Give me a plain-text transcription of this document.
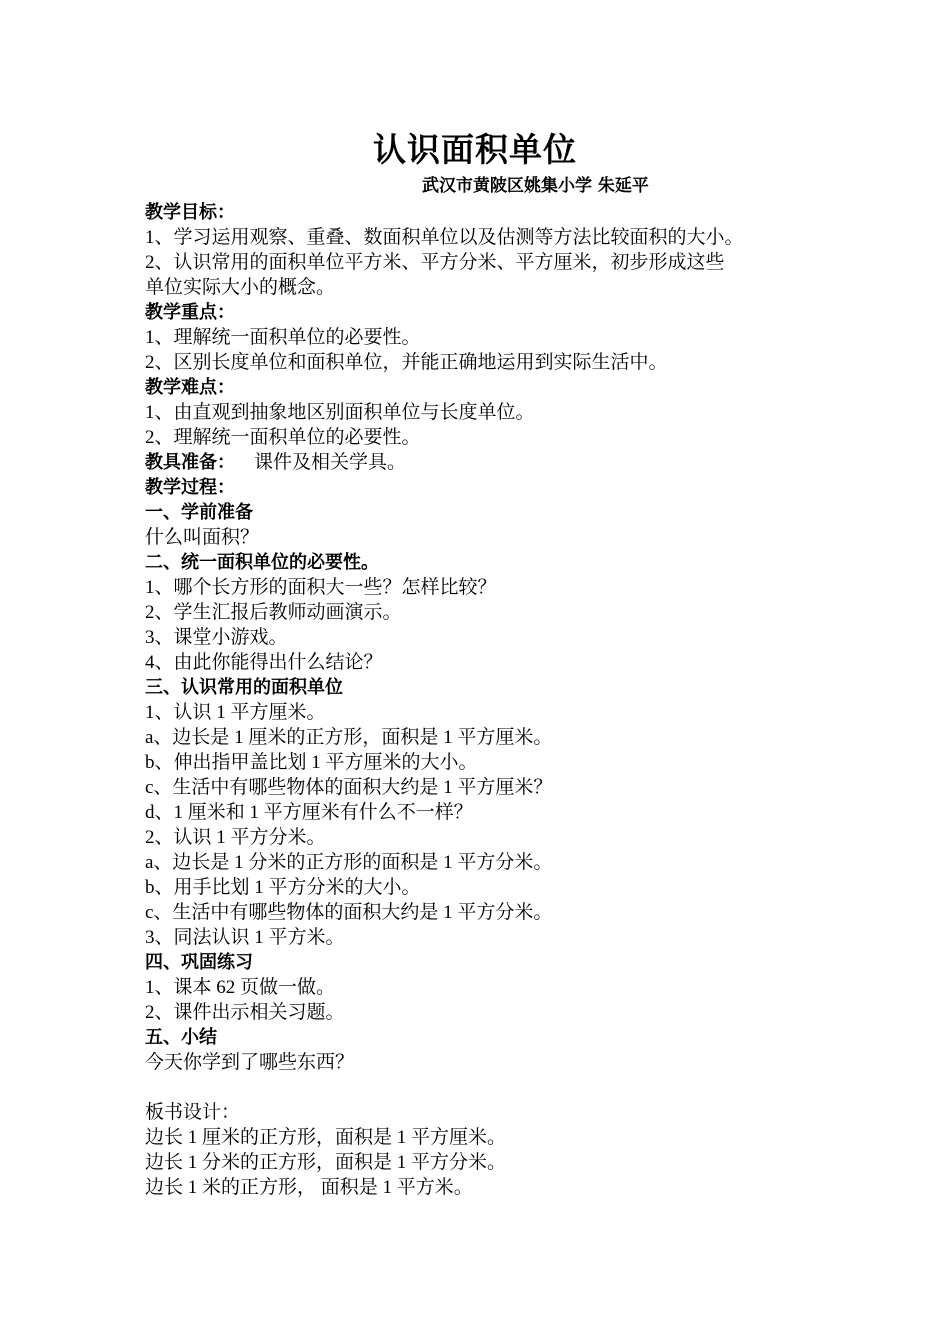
认识面积单位
武汉市黄陂区姚集小学 朱延平
教学目标：
1、学习运用观察、重叠、数面积单位以及估测等方法比较面积的大小。
2、认识常用的面积单位平方米、平方分米、平方厘米，初步形成这些
单位实际大小的概念。
教学重点：
1、理解统一面积单位的必要性。
2、区别长度单位和面积单位，并能正确地运用到实际生活中。
教学难点：
1、由直观到抽象地区别面积单位与长度单位。
2、理解统一面积单位的必要性。
教具准备：    课件及相关学具。
教学过程：
一、学前准备
什么叫面积？
二、统一面积单位的必要性。
1、哪个长方形的面积大一些？怎样比较？
2、学生汇报后教师动画演示。
3、课堂小游戏。
4、由此你能得出什么结论？
三、认识常用的面积单位
1、认识 1 平方厘米。
a、边长是 1 厘米的正方形，面积是 1 平方厘米。
b、伸出指甲盖比划 1 平方厘米的大小。
c、生活中有哪些物体的面积大约是 1 平方厘米？
d、1 厘米和 1 平方厘米有什么不一样？
2、认识 1 平方分米。
a、边长是 1 分米的正方形的面积是 1 平方分米。
b、用手比划 1 平方分米的大小。
c、生活中有哪些物体的面积大约是 1 平方分米。
3、同法认识 1 平方米。
四、巩固练习
1、课本 62 页做一做。
2、课件出示相关习题。
五、小结
今天你学到了哪些东西？
板书设计：
边长 1 厘米的正方形，面积是 1 平方厘米。
边长 1 分米的正方形，面积是 1 平方分米。
边长 1 米的正方形， 面积是 1 平方米。
